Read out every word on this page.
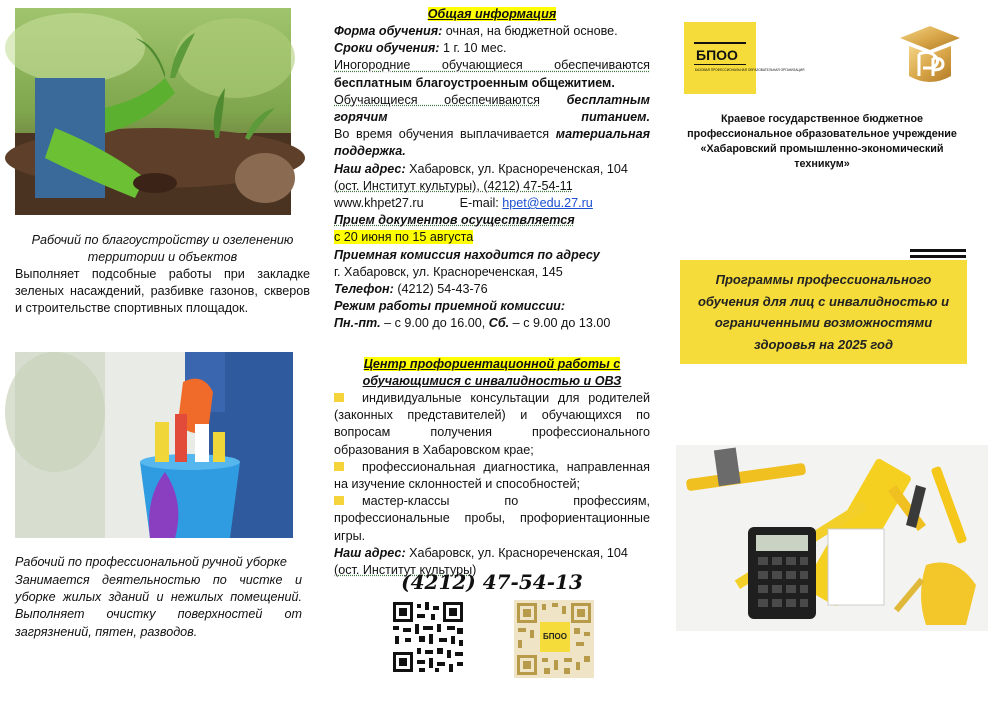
Рабочий по благоустройству и озеленению территории и объектов
Выполняет подсобные работы при закладке зеленых насаждений, разбивке газонов, скверов и строительстве спортивных площадок.
Рабочий по профессиональной ручной уборке
Занимается деятельностью по чистке и уборке жилых зданий и нежилых помещений. Выполняет очистку поверхностей от загрязнений, пятен, разводов.
Общая информация

Форма обучения: очная, на бюджетной основе.

Сроки обучения: 1 г. 10 мес.

Иногородние обучающиеся обеспечиваются

бесплатным благоустроенным общежитием.

Обучающиеся обеспечиваются бесплатным горячим питанием.

Во время обучения выплачивается материальная поддержка.

Наш адрес: Хабаровск, ул. Краснореченская, 104

(ост. Институт культуры), (4212) 47-54-11

www.khpet27.ru	E-mail: hpet@edu.27.ru

Прием документов осуществляется

с 20 июня по 15 августа

Приемная комиссия находится по адресу

г. Хабаровск, ул. Краснореченская, 145

Телефон: (4212) 54-43-76

Режим работы приемной комиссии:

Пн.-пт. – с 9.00 до 16.00, Сб. – с 9.00 до 13.00

Центр профориентационной работы с
обучающимися с инвалидностью и ОВЗ

индивидуальные консультации для родителей (законных представителей) и обучающихся по вопросам получения профессионального образования в Хабаровском крае;

профессиональная диагностика, направленная на изучение склонностей и способностей;

мастер-классы по профессиям, профессиональные пробы, профориентационные игры.

Наш адрес: Хабаровск, ул. Краснореченская, 104

(ост. Институт культуры)

(4212) 47-54-13
БПОО
БПОО
БАЗОВАЯ ПРОФЕССИОНАЛЬНАЯ ОБРАЗОВАТЕЛЬНАЯ ОРГАНИЗАЦИЯ
Краевое государственное бюджетное
профессиональное образовательное учреждение
«Хабаровский промышленно-экономический техникум»
Программы профессионального обучения для лиц с инвалидностью и ограниченными возможностями здоровья на 2025 год
